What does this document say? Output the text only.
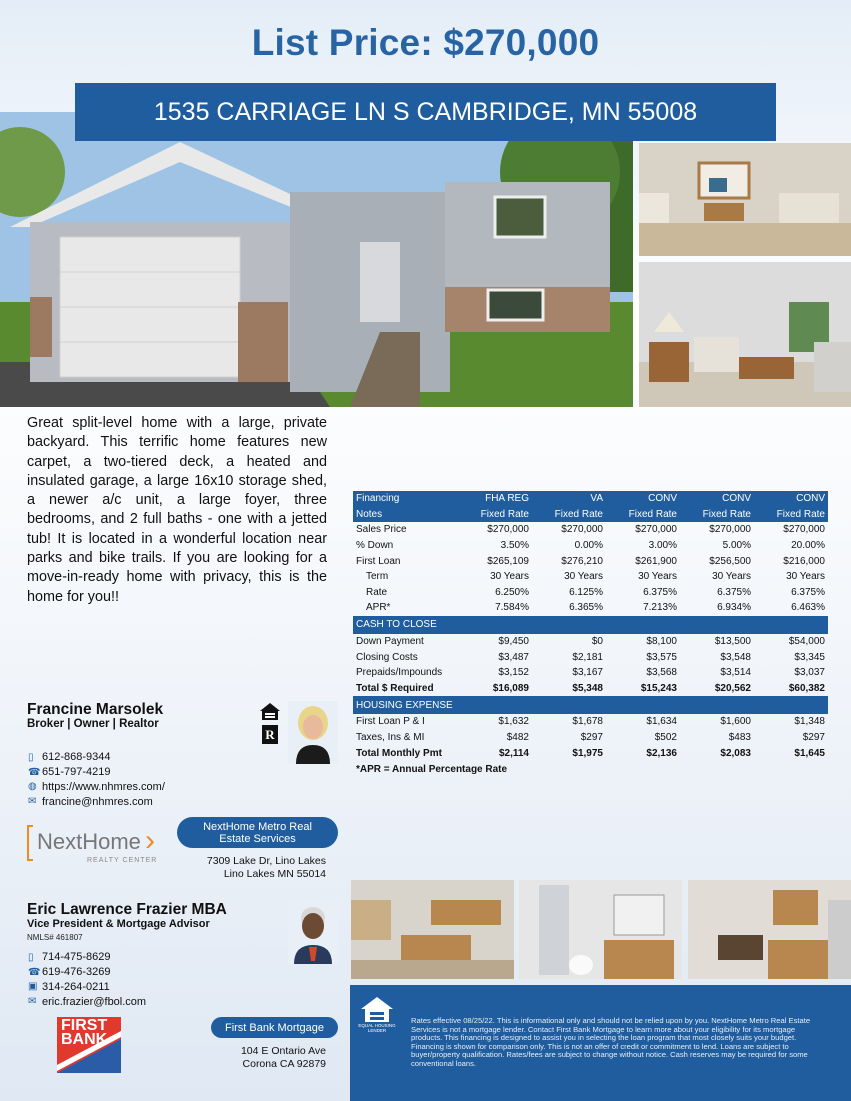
List Price: $270,000
1535 CARRIAGE LN S CAMBRIDGE, MN 55008
Great split-level home with a large, private backyard. This terrific home features new carpet, a two-tiered deck, a heated and insulated garage, a large 16x10 storage shed, a newer a/c unit, a large foyer, three bedrooms, and 2 full baths - one with a jetted tub! It is located in a wonderful location near parks and bike trails. If you are looking for a move-in-ready home with privacy, this is the home for you!!
Francine Marsolek
Broker | Owner | Realtor
R
▯ 612-868-9344
☎ 651-797-4219
◍ https://www.nhmres.com/
✉ francine@nhmres.com
NextHome ›
REALTY CENTER
NextHome Metro Real Estate Services
7309 Lake Dr, Lino Lakes
Lino Lakes MN 55014
Eric Lawrence Frazier MBA
Vice President & Mortgage Advisor
NMLS# 461807
▯ 714-475-8629
☎ 619-476-3269
▣ 314-264-0211
✉ eric.frazier@fbol.com
FIRST
BANK
First Bank Mortgage
104 E Ontario Ave
Corona CA 92879
Financing	FHA REG	VA	CONV	CONV	CONV
Notes	Fixed Rate	Fixed Rate	Fixed Rate	Fixed Rate	Fixed Rate
Sales Price	$270,000	$270,000	$270,000	$270,000	$270,000
% Down	3.50%	0.00%	3.00%	5.00%	20.00%
First Loan	$265,109	$276,210	$261,900	$256,500	$216,000
Term	30 Years	30 Years	30 Years	30 Years	30 Years
Rate	6.250%	6.125%	6.375%	6.375%	6.375%
APR*	7.584%	6.365%	7.213%	6.934%	6.463%
CASH TO CLOSE
Down Payment	$9,450	$0	$8,100	$13,500	$54,000
Closing Costs	$3,487	$2,181	$3,575	$3,548	$3,345
Prepaids/Impounds	$3,152	$3,167	$3,568	$3,514	$3,037
Total $ Required	$16,089	$5,348	$15,243	$20,562	$60,382
HOUSING EXPENSE
First Loan P & I	$1,632	$1,678	$1,634	$1,600	$1,348
Taxes, Ins & MI	$482	$297	$502	$483	$297
Total Monthly Pmt	$2,114	$1,975	$2,136	$2,083	$1,645
*APR = Annual Percentage Rate
EQUAL HOUSING LENDER
Rates effective 08/25/22. This is informational only and should not be relied upon by you. NextHome Metro Real Estate Services is not a mortgage lender. Contact First Bank Mortgage to learn more about your eligibility for its mortgage products. This financing is designed to assist you in selecting the loan program that most closely suits your budget. Financing is shown for comparison only. This is not an offer of credit or commitment to lend. Loans are subject to buyer/property qualification. Rates/fees are subject to change without notice. Cash reserves may be required for some conventional loans.
